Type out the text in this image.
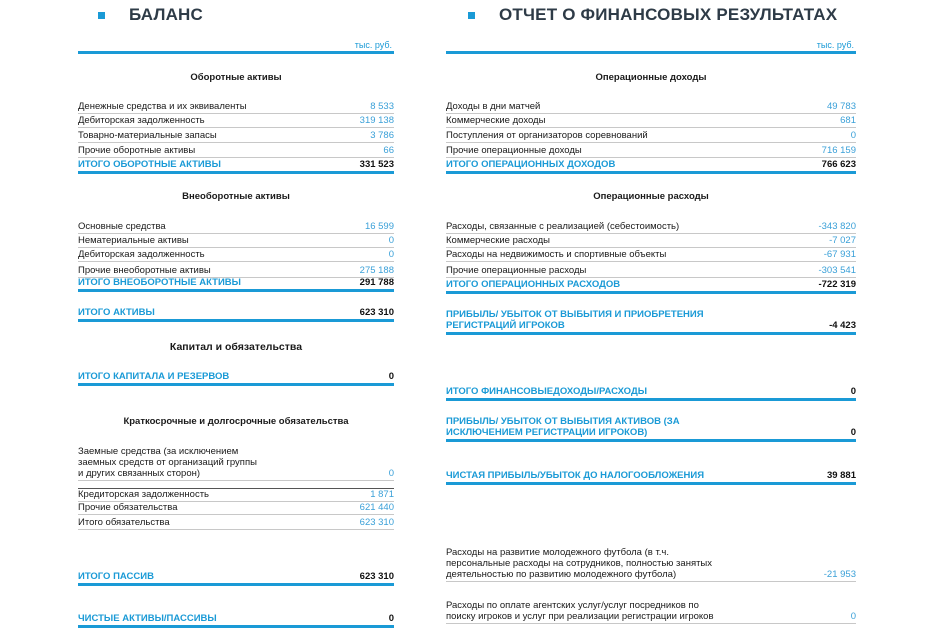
БАЛАНС
тыс. руб.
Оборотные активы
Денежные средства и их эквиваленты	8 533
Дебиторская задолженность	319 138
Товарно-материальные запасы	3 786
Прочие оборотные активы	66
ИТОГО ОБОРОТНЫЕ АКТИВЫ	331 523
Внеоборотные активы
Основные средства	16 599
Нематериальные активы	0
Дебиторская задолженность	0
Прочие внеоборотные активы	275 188
ИТОГО ВНЕОБОРОТНЫЕ АКТИВЫ	291 788
ИТОГО АКТИВЫ	623 310
Капитал и обязательства
ИТОГО КАПИТАЛА И РЕЗЕРВОВ	0
Краткосрочные и долгосрочные обязательства
Заемные средства (за исключением
заемных средств от организаций группы
и других связанных сторон)	0
Кредиторская задолженность	1 871
Прочие обязательства	621 440
Итого обязательства	623 310
ИТОГО ПАССИВ	623 310
ЧИСТЫЕ АКТИВЫ/ПАССИВЫ	0
ОТЧЕТ О ФИНАНСОВЫХ РЕЗУЛЬТАТАХ
тыс. руб.
Операционные доходы
Доходы в дни матчей	49 783
Коммерческие доходы	681
Поступления от организаторов соревнований	0
Прочие операционные доходы	716 159
ИТОГО ОПЕРАЦИОННЫХ ДОХОДОВ	766 623
Операционные расходы
Расходы, связанные с реализацией (себестоимость)	-343 820
Коммерческие расходы	-7 027
Расходы на недвижимость и спортивные объекты	-67 931
Прочие операционные расходы	-303 541
ИТОГО ОПЕРАЦИОННЫХ РАСХОДОВ	-722 319
ПРИБЫЛЬ/ УБЫТОК ОТ ВЫБЫТИЯ И ПРИОБРЕТЕНИЯ
РЕГИСТРАЦИЙ ИГРОКОВ	-4 423
ИТОГО ФИНАНСОВЫЕДОХОДЫ/РАСХОДЫ	0
ПРИБЫЛЬ/ УБЫТОК ОТ ВЫБЫТИЯ АКТИВОВ (ЗА
ИСКЛЮЧЕНИЕМ РЕГИСТРАЦИИ ИГРОКОВ)	0
ЧИСТАЯ ПРИБЫЛЬ/УБЫТОК ДО НАЛОГООБЛОЖЕНИЯ	39 881
Расходы на развитие молодежного футбола (в т.ч.
персональные расходы на сотрудников, полностью занятых
деятельностью по развитию молодежного футбола)	-21 953
Расходы по оплате агентских услуг/услуг посредников по
поиску игроков и услуг при реализации регистрации игроков	0
